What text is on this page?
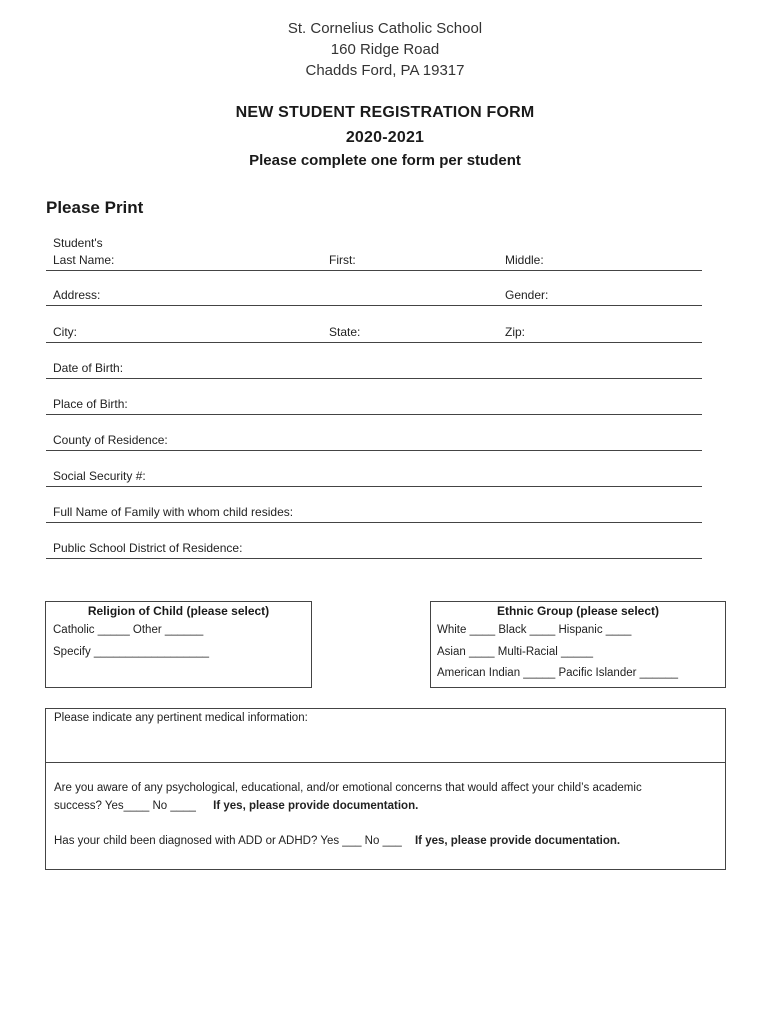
St. Cornelius Catholic School
160 Ridge Road
Chadds Ford, PA 19317
NEW STUDENT REGISTRATION FORM
2020-2021
Please complete one form per student
Please Print
Student's
Last Name:	First:	Middle:
Address:	Gender:
City:	State:	Zip:
Date of Birth:
Place of Birth:
County of Residence:
Social Security #:
Full Name of Family with whom child resides:
Public School District of Residence:
Religion of Child (please select)
Catholic _____ Other ______
Specify __________________
Ethnic Group (please select)
White ____ Black ____ Hispanic ____
Asian ____ Multi-Racial _____
American Indian _____ Pacific Islander ______
Please indicate any pertinent medical information:
Are you aware of any psychological, educational, and/or emotional concerns that would affect your child’s academic
success? Yes____ No ____ If yes, please provide documentation.
Has your child been diagnosed with ADD or ADHD? Yes ___ No ___ If yes, please provide documentation.
